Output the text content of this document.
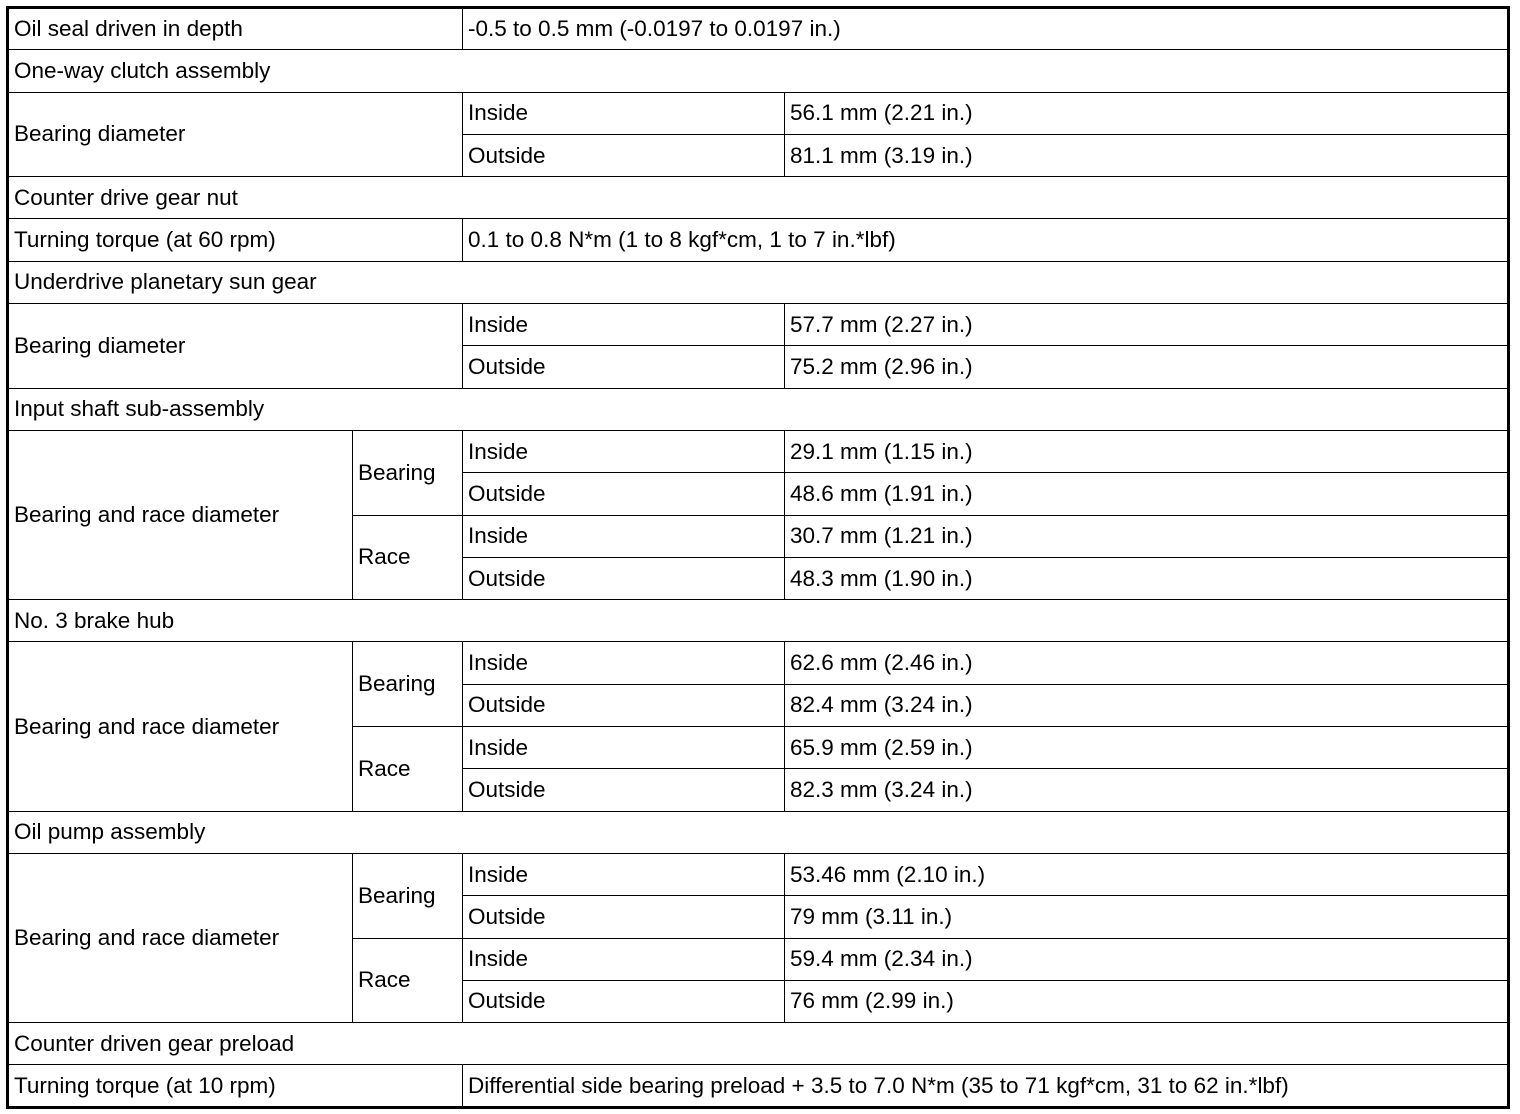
Oil seal driven in depth		-0.5 to 0.5 mm (-0.0197 to 0.0197 in.)	
One-way clutch assembly			
Bearing diameter		Inside	56.1 mm (2.21 in.)
		Outside	81.1 mm (3.19 in.)
Counter drive gear nut			
Turning torque (at 60 rpm)		0.1 to 0.8 N*m (1 to 8 kgf*cm, 1 to 7 in.*lbf)	
Underdrive planetary sun gear			
Bearing diameter		Inside	57.7 mm (2.27 in.)
		Outside	75.2 mm (2.96 in.)
Input shaft sub-assembly			
Bearing and race diameter	Bearing	Inside	29.1 mm (1.15 in.)
		Outside	48.6 mm (1.91 in.)
	Race	Inside	30.7 mm (1.21 in.)
		Outside	48.3 mm (1.90 in.)
No. 3 brake hub			
Bearing and race diameter	Bearing	Inside	62.6 mm (2.46 in.)
		Outside	82.4 mm (3.24 in.)
	Race	Inside	65.9 mm (2.59 in.)
		Outside	82.3 mm (3.24 in.)
Oil pump assembly			
Bearing and race diameter	Bearing	Inside	53.46 mm (2.10 in.)
		Outside	79 mm (3.11 in.)
	Race	Inside	59.4 mm (2.34 in.)
		Outside	76 mm (2.99 in.)
Counter driven gear preload			
Turning torque (at 10 rpm)		Differential side bearing preload + 3.5 to 7.0 N*m (35 to 71 kgf*cm, 31 to 62 in.*lbf)	
